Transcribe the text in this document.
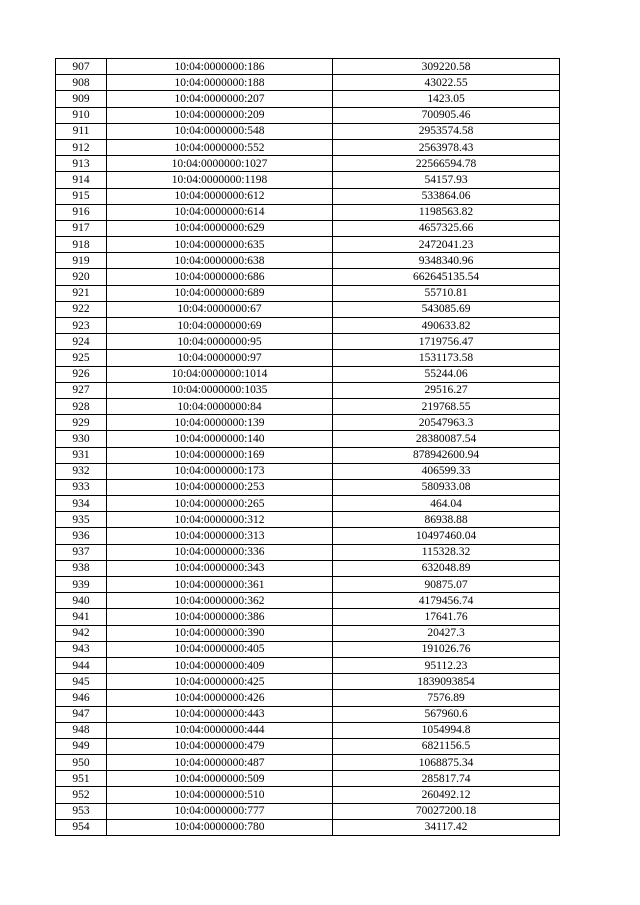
907	10:04:0000000:186	309220.58
908	10:04:0000000:188	43022.55
909	10:04:0000000:207	1423.05
910	10:04:0000000:209	700905.46
911	10:04:0000000:548	2953574.58
912	10:04:0000000:552	2563978.43
913	10:04:0000000:1027	22566594.78
914	10:04:0000000:1198	54157.93
915	10:04:0000000:612	533864.06
916	10:04:0000000:614	1198563.82
917	10:04:0000000:629	4657325.66
918	10:04:0000000:635	2472041.23
919	10:04:0000000:638	9348340.96
920	10:04:0000000:686	662645135.54
921	10:04:0000000:689	55710.81
922	10:04:0000000:67	543085.69
923	10:04:0000000:69	490633.82
924	10:04:0000000:95	1719756.47
925	10:04:0000000:97	1531173.58
926	10:04:0000000:1014	55244.06
927	10:04:0000000:1035	29516.27
928	10:04:0000000:84	219768.55
929	10:04:0000000:139	20547963.3
930	10:04:0000000:140	28380087.54
931	10:04:0000000:169	878942600.94
932	10:04:0000000:173	406599.33
933	10:04:0000000:253	580933.08
934	10:04:0000000:265	464.04
935	10:04:0000000:312	86938.88
936	10:04:0000000:313	10497460.04
937	10:04:0000000:336	115328.32
938	10:04:0000000:343	632048.89
939	10:04:0000000:361	90875.07
940	10:04:0000000:362	4179456.74
941	10:04:0000000:386	17641.76
942	10:04:0000000:390	20427.3
943	10:04:0000000:405	191026.76
944	10:04:0000000:409	95112.23
945	10:04:0000000:425	1839093854
946	10:04:0000000:426	7576.89
947	10:04:0000000:443	567960.6
948	10:04:0000000:444	1054994.8
949	10:04:0000000:479	6821156.5
950	10:04:0000000:487	1068875.34
951	10:04:0000000:509	285817.74
952	10:04:0000000:510	260492.12
953	10:04:0000000:777	70027200.18
954	10:04:0000000:780	34117.42
